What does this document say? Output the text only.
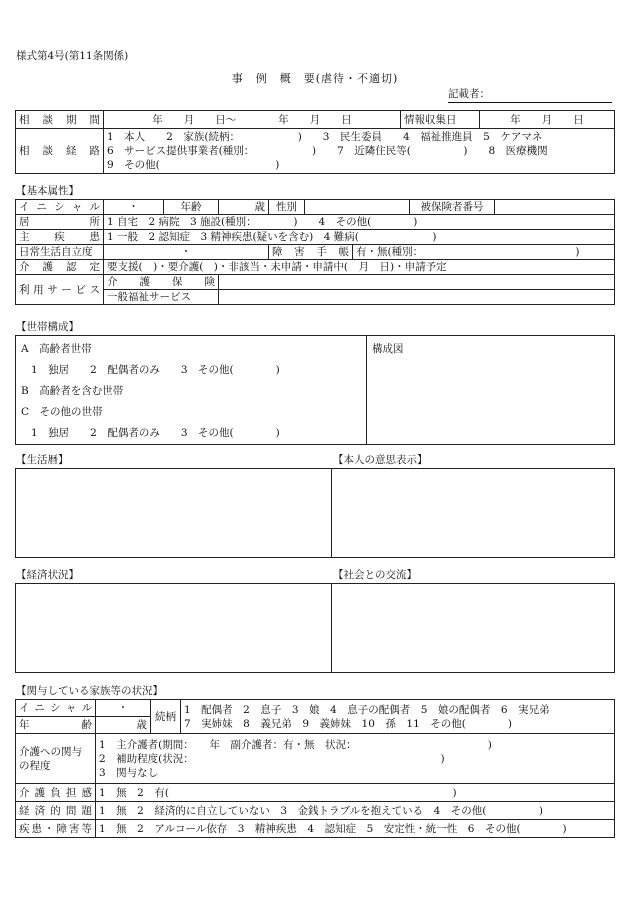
様式第4号(第11条関係)
事　例　概　要(虐待・不適切)
記載者：
相談期間	年　　月　　日〜　　　　年　　月　　日	情報収集日	年　　月　　日
相談経路	1　本人　　2　家族(続柄：　　　　　　)　　3　民生委員　　4　福祉推進員　5　ケアマネ
6　サービス提供事業者(種別：　　　　　　)　　7　近隣住民等(　　　　　)　　8　医療機関
9　その他(　　　　　　　　　　　)		
【基本属性】
イニシャル	・	年齢	歳	性別			被保険者番号	
居所	1 自宅　2 病院　3 施設(種別：　　　　)　　4　その他(　　　　)							
主疾患	1 一般　2 認知症　3 精神疾患(疑いを含む)　4 難病(　　　　　　　)							
日常生活自立度	・			障害手帳		有・無(種別：　　　　　　　　　　　　　　　)		
介護認定	要支援(　)・要介護(　)・非該当・未申請・申請中(　月　日)・申請予定							
利用サービス	介護保険							
	一般福祉サービス							
【世帯構成】
A　高齢者世帯
1　独居　　2　配偶者のみ　　3　その他(　　　　)
B　高齢者を含む世帯
C　その他の世帯
1　独居　　2　配偶者のみ　　3　その他(　　　　)
構成図
【生活暦】	【本人の意思表示】
【経済状況】	【社会との交流】
【関与している家族等の状況】
イニシャル	・	続柄	1　配偶者　2　息子　3　娘　4　息子の配偶者　5　娘の配偶者　6　実兄弟
7　実姉妹　8　義兄弟　9　義姉妹　10　孫　11　その他(　　　　)

年齢	歳		
介護への関与の程度	1　主介護者(期間：　　年　副介護者：有・無　状況：　　　　　　　　　　　　　)
2　補助程度(状況：　　　　　　　　　　　　　　　　　　　　　　　　)
3　関与なし		

介護負担感	1　無　2　有(　　　　　　　　　　　　　　　　　　　　　　　　　　　)		
経済的問題	1　無　2　経済的に自立していない　3　金銭トラブルを抱えている　4　その他(　　　　　)		
疾患・障害等	1　無　2　アルコール依存　3　精神疾患　4　認知症　5　安定性・統一性　6　その他(　　　　)		
